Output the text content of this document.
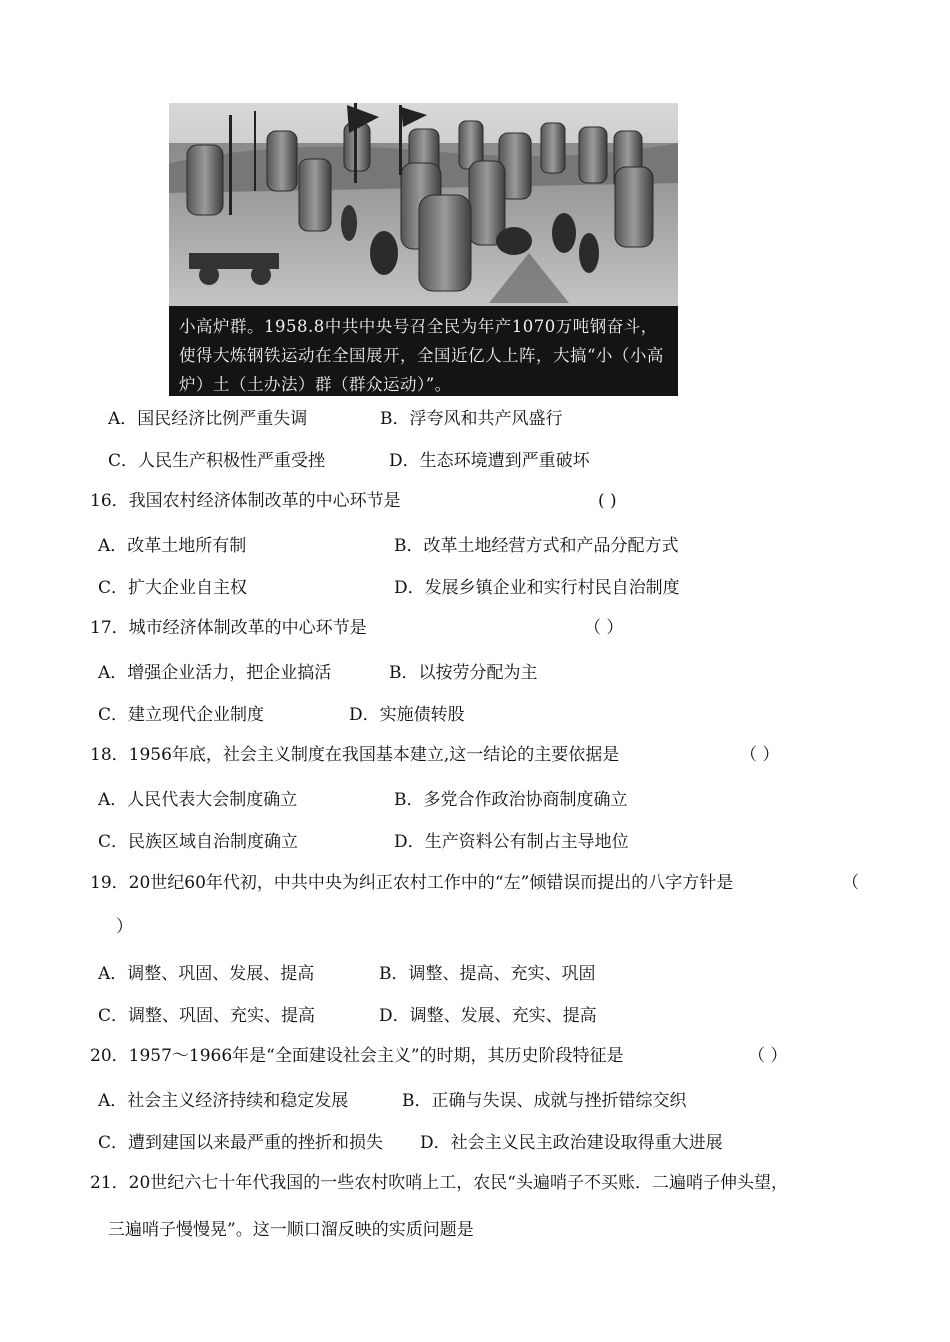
小高炉群。1958.8中共中央号召全民为年产1070万吨钢奋斗，使得大炼钢铁运动在全国展开，全国近亿人上阵，大搞“小（小高炉）土（土办法）群（群众运动）”。
A．国民经济比例严重失调	B．浮夸风和共产风盛行
C．人民生产积极性严重受挫	D．生态环境遭到严重破坏
16．我国农村经济体制改革的中心环节是	( )
A．改革土地所有制	B．改革土地经营方式和产品分配方式
C．扩大企业自主权	D．发展乡镇企业和实行村民自治制度
17．城市经济体制改革的中心环节是	（ ）
A．增强企业活力，把企业搞活	B．以按劳分配为主
C．建立现代企业制度	D．实施债转股
18．1956年底，社会主义制度在我国基本建立,这一结论的主要依据是	（ ）
A．人民代表大会制度确立	B．多党合作政治协商制度确立
C．民族区域自治制度确立	D．生产资料公有制占主导地位
19．20世纪60年代初，中共中央为纠正农村工作中的“左”倾错误而提出的八字方针是	（
）
A．调整、巩固、发展、提高	B．调整、提高、充实、巩固
C．调整、巩固、充实、提高	D．调整、发展、充实、提高
20．1957～1966年是“全面建设社会主义”的时期，其历史阶段特征是	（ ）
A．社会主义经济持续和稳定发展	B．正确与失误、成就与挫折错综交织
C．遭到建国以来最严重的挫折和损失 D．社会主义民主政治建设取得重大进展
21．20世纪六七十年代我国的一些农村吹哨上工，农民“头遍哨子不买账．二遍哨子伸头望，
三遍哨子慢慢晃”。这一顺口溜反映的实质问题是
